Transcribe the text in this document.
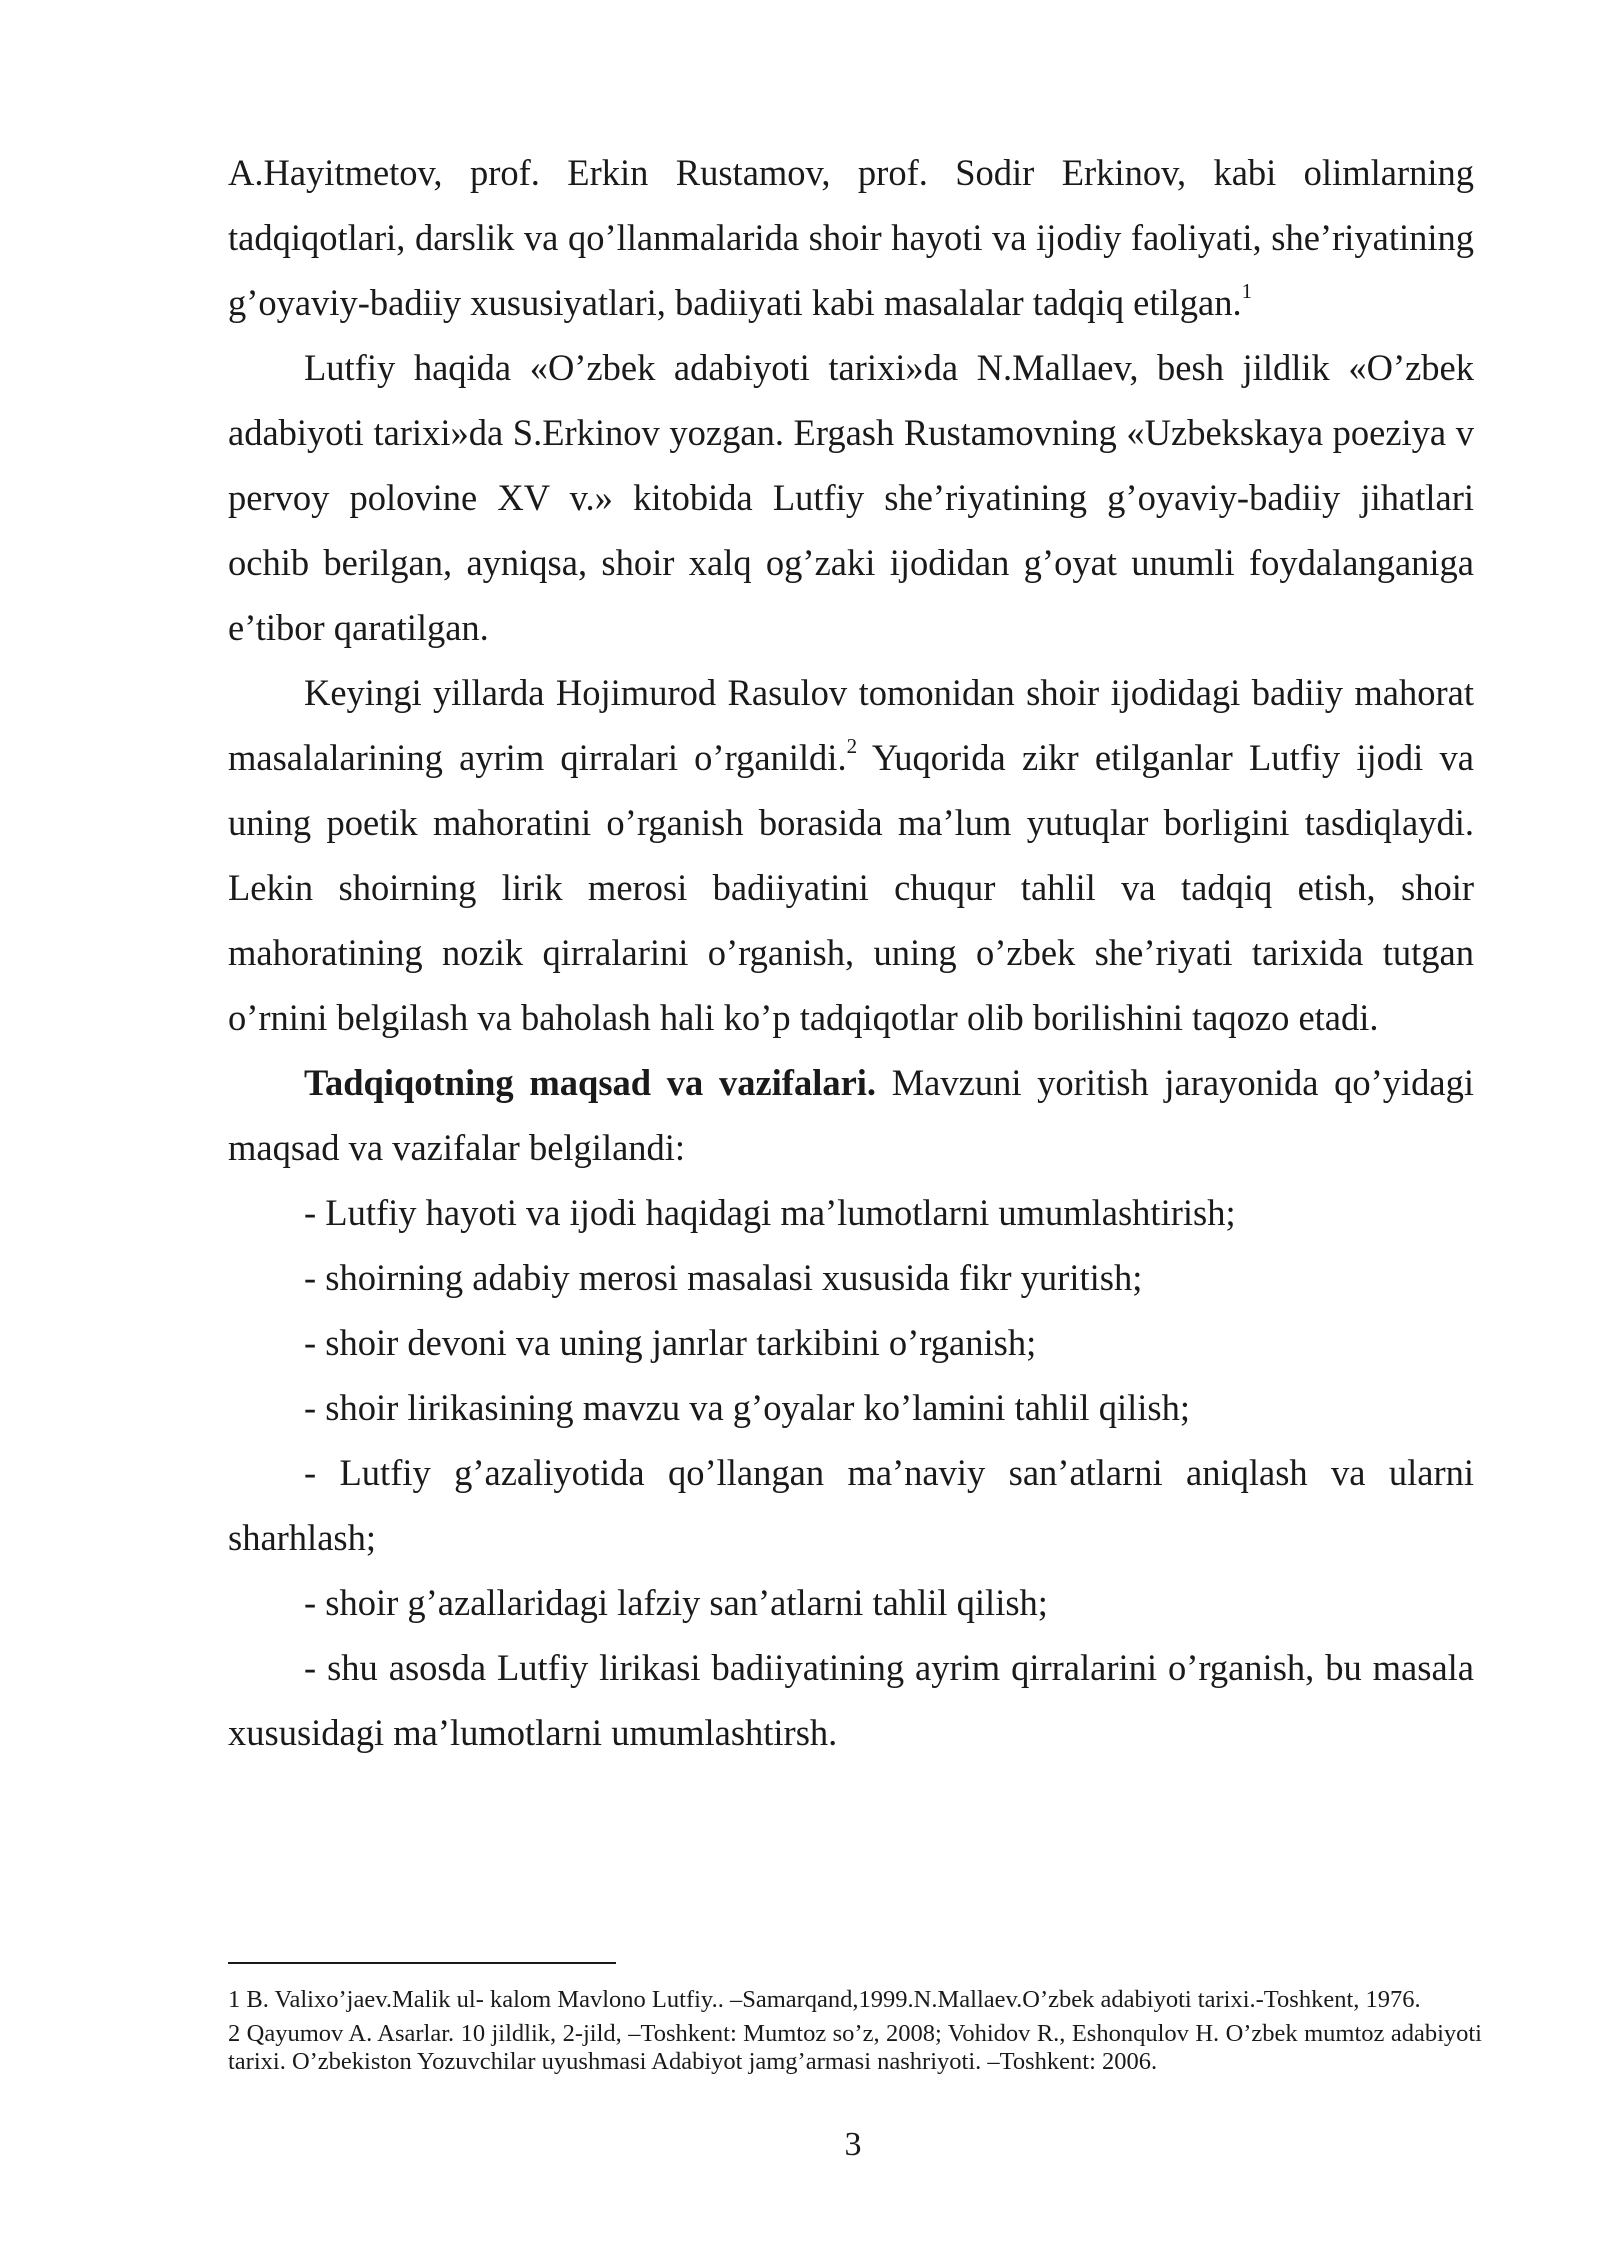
A.Hayitmetov, prof. Erkin Rustamov, prof. Sodir Erkinov, kabi olimlarning tadqiqotlari, darslik va qo’llanmalarida shoir hayoti va ijodiy faoliyati, she’riyatining g’oyaviy-badiiy xususiyatlari, badiiyati kabi masalalar tadqiq etilgan.$^1$

Lutfiy haqida «O’zbek adabiyoti tarixi»da N.Mallaev, besh jildlik «O’zbek adabiyoti tarixi»da S.Erkinov yozgan. Ergash Rustamovning «Uzbekskaya poeziya v pervoy polovine XV v.» kitobida Lutfiy she’riyatining g’oyaviy-badiiy jihatlari ochib berilgan, ayniqsa, shoir xalq og’zaki ijodidan g’oyat unumli foydalanganiga e’tibor qaratilgan.

Keyingi yillarda Hojimurod Rasulov tomonidan shoir ijodidagi badiiy mahorat masalalarining ayrim qirralari o’rganildi.$^2$ Yuqorida zikr etilganlar Lutfiy ijodi va uning poetik mahoratini o’rganish borasida ma’lum yutuqlar borligini tasdiqlaydi. Lekin shoirning lirik merosi badiiyatini chuqur tahlil va tadqiq etish, shoir mahoratining nozik qirralarini o’rganish, uning o’zbek she’riyati tarixida tutgan o’rnini belgilash va baholash hali ko’p tadqiqotlar olib borilishini taqozo etadi.

Tadqiqotning maqsad va vazifalari. Mavzuni yoritish jarayonida qo’yidagi maqsad va vazifalar belgilandi:

- Lutfiy hayoti va ijodi haqidagi ma’lumotlarni umumlashtirish;

- shoirning adabiy merosi masalasi xususida fikr yuritish;

- shoir devoni va uning janrlar tarkibini o’rganish;

- shoir lirikasining mavzu va g’oyalar ko’lamini tahlil qilish;

- Lutfiy g’azaliyotida qo’llangan ma’naviy san’atlarni aniqlash va ularni sharhlash;

- shoir g’azallaridagi lafziy san’atlarni tahlil qilish;

- shu asosda Lutfiy lirikasi badiiyatining ayrim qirralarini o’rganish, bu masala xususidagi ma’lumotlarni umumlashtirsh.

1 B. Valixo’jaev.Malik ul- kalom Mavlono Lutfiy.. –Samarqand,1999.N.Mallaev.O’zbek adabiyoti tarixi.-Toshkent, 1976.

2 Qayumov A. Asarlar. 10 jildlik, 2-jild, –Toshkent: Mumtoz so’z, 2008; Vohidov R., Eshonqulov H. O’zbek mumtoz adabiyoti tarixi. O’zbekiston Yozuvchilar uyushmasi Adabiyot jamg’armasi nashriyoti. –Toshkent: 2006.

3
